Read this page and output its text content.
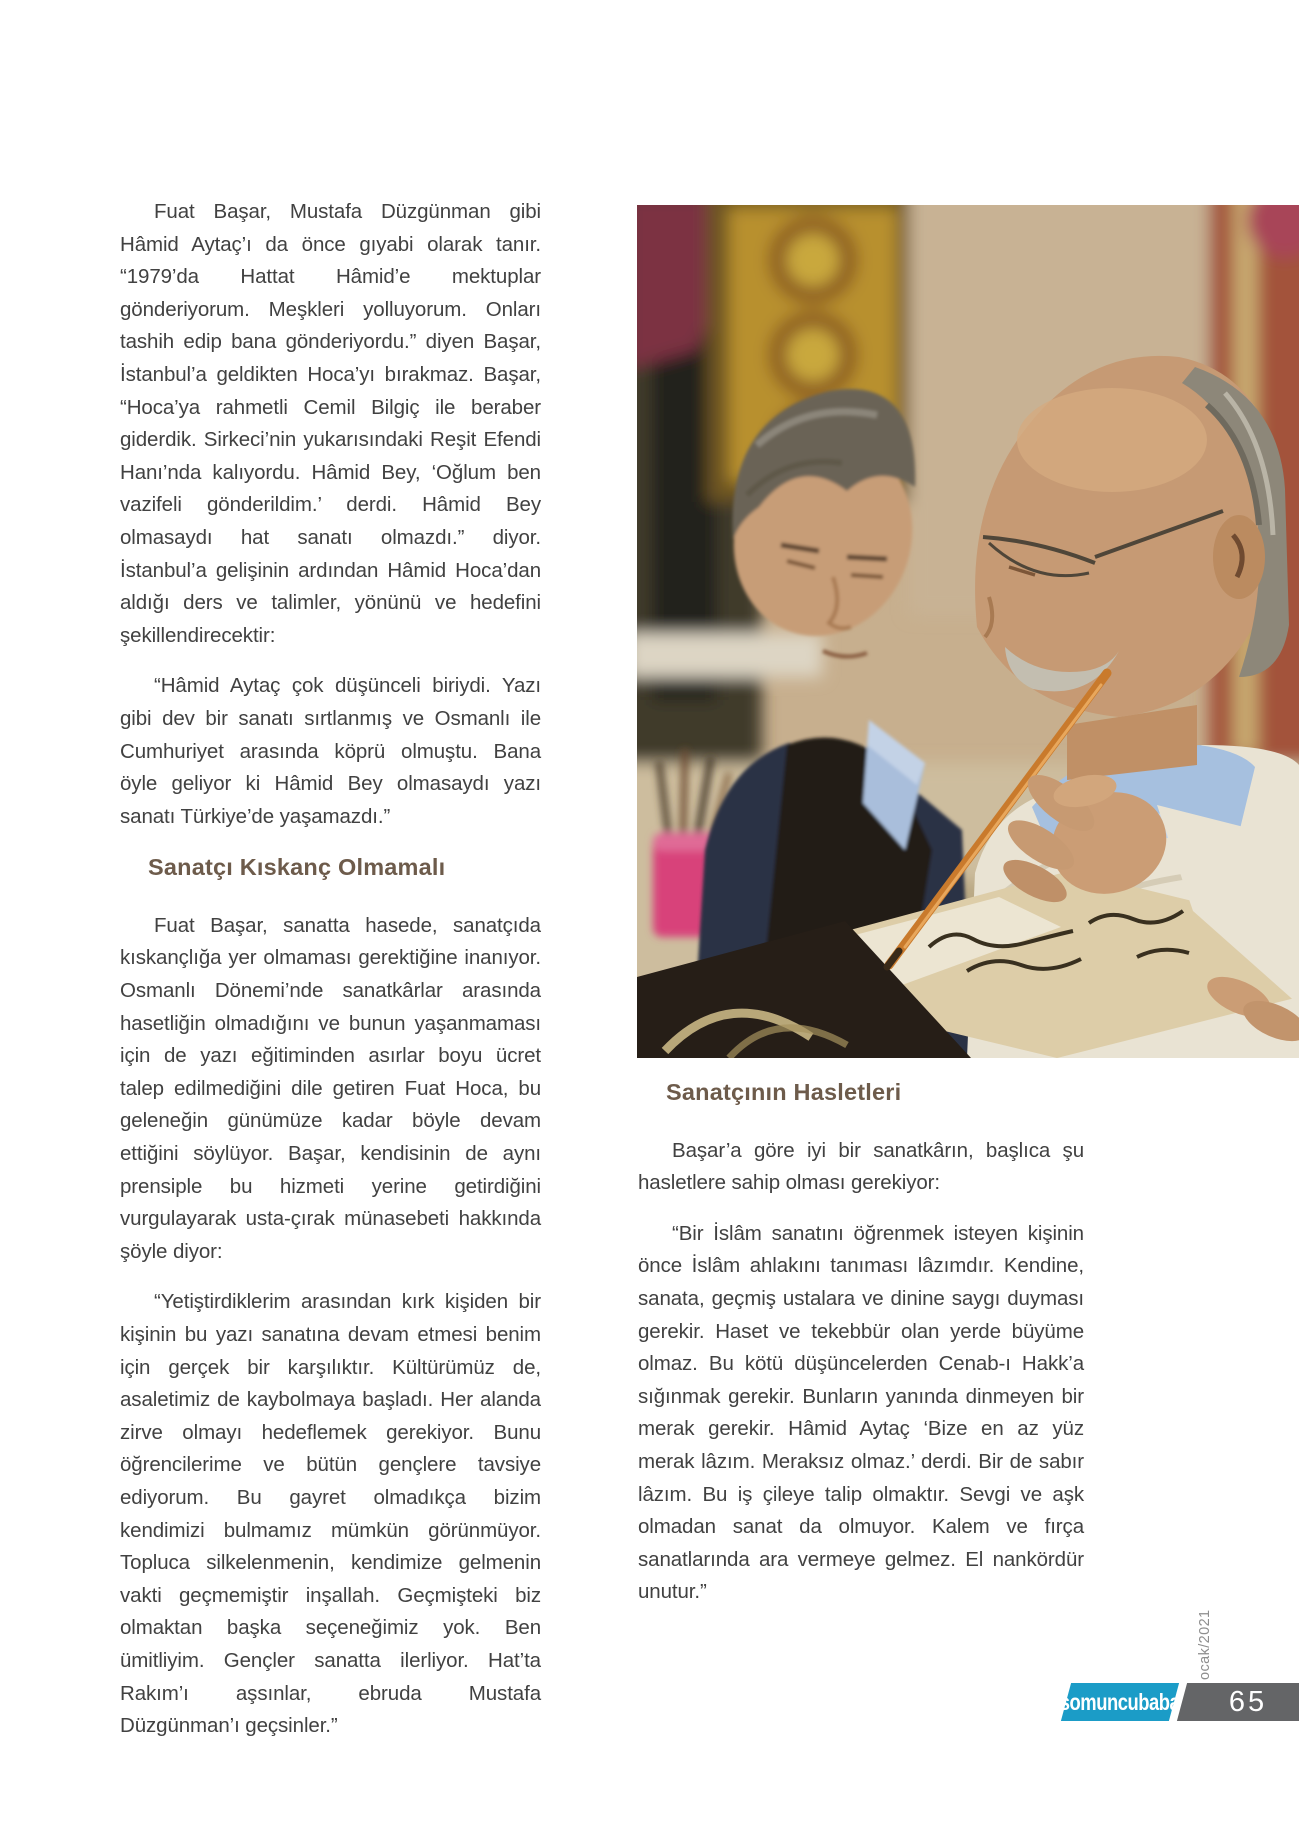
Fuat Başar, Mustafa Düzgünman gibi Hâmid Aytaç’ı da önce gıyabi olarak tanır. “1979’da Hattat Hâmid’e mektuplar gönderiyorum. Meşkleri yolluyorum. Onları tashih edip bana gönderiyordu.” diyen Başar, İstanbul’a geldikten Hoca’yı bırakmaz. Başar, “Hoca’ya rahmetli Cemil Bilgiç ile beraber giderdik. Sirkeci’nin yukarısındaki Reşit Efendi Hanı’nda kalıyordu. Hâmid Bey, ‘Oğlum ben vazifeli gönderildim.’ derdi. Hâmid Bey olmasaydı hat sanatı olmazdı.” diyor. İstanbul’a gelişinin ardından Hâmid Hoca’dan aldığı ders ve talimler, yönünü ve hedefini şekillendirecektir:

“Hâmid Aytaç çok düşünceli biriydi. Yazı gibi dev bir sanatı sırtlanmış ve Osmanlı ile Cumhuriyet arasında köprü olmuştu. Bana öyle geliyor ki Hâmid Bey olmasaydı yazı sanatı Türkiye’de yaşamazdı.”

Sanatçı Kıskanç Olmamalı

Fuat Başar, sanatta hasede, sanatçıda kıskançlığa yer olmaması gerektiğine inanıyor. Osmanlı Dönemi’nde sanatkârlar arasında hasetliğin olmadığını ve bunun yaşanmaması için de yazı eğitiminden asırlar boyu ücret talep edilmediğini dile getiren Fuat Hoca, bu geleneğin günümüze kadar böyle devam ettiğini söylüyor. Başar, kendisinin de aynı prensiple bu hizmeti yerine getirdiğini vurgulayarak usta-çırak münasebeti hakkında şöyle diyor:

“Yetiştirdiklerim arasından kırk kişiden bir kişinin bu yazı sanatına devam etmesi benim için gerçek bir karşılıktır. Kültürümüz de, asaletimiz de kaybolmaya başladı. Her alanda zirve olmayı hedeflemek gerekiyor. Bunu öğrencilerime ve bütün gençlere tavsiye ediyorum. Bu gayret olmadıkça bizim kendimizi bulmamız mümkün görünmüyor. Topluca silkelenmenin, kendimize gelmenin vakti geçmemiştir inşallah. Geçmişteki biz olmaktan başka seçeneğimiz yok. Ben ümitliyim. Gençler sanatta ilerliyor. Hat’ta Rakım’ı aşsınlar, ebruda Mustafa Düzgünman’ı geçsinler.”

Sanatçının Hasletleri

Başar’a göre iyi bir sanatkârın, başlıca şu hasletlere sahip olması gerekiyor:

“Bir İslâm sanatını öğrenmek isteyen kişinin önce İslâm ahlakını tanıması lâzımdır. Kendine, sanata, geçmiş ustalara ve dinine saygı duyması gerekir. Haset ve tekebbür olan yerde büyüme olmaz. Bu kötü düşüncelerden Cenab-ı Hakk’a sığınmak gerekir. Bunların yanında dinmeyen bir merak gerekir. Hâmid Aytaç ‘Bize en az yüz merak lâzım. Meraksız olmaz.’ derdi. Bir de sabır lâzım. Bu iş çileye talip olmaktır. Sevgi ve aşk olmadan sanat da olmuyor. Kalem ve fırça sanatlarında ara vermeye gelmez. El nankördür unutur.”

ocak/2021
somuncubaba 65
